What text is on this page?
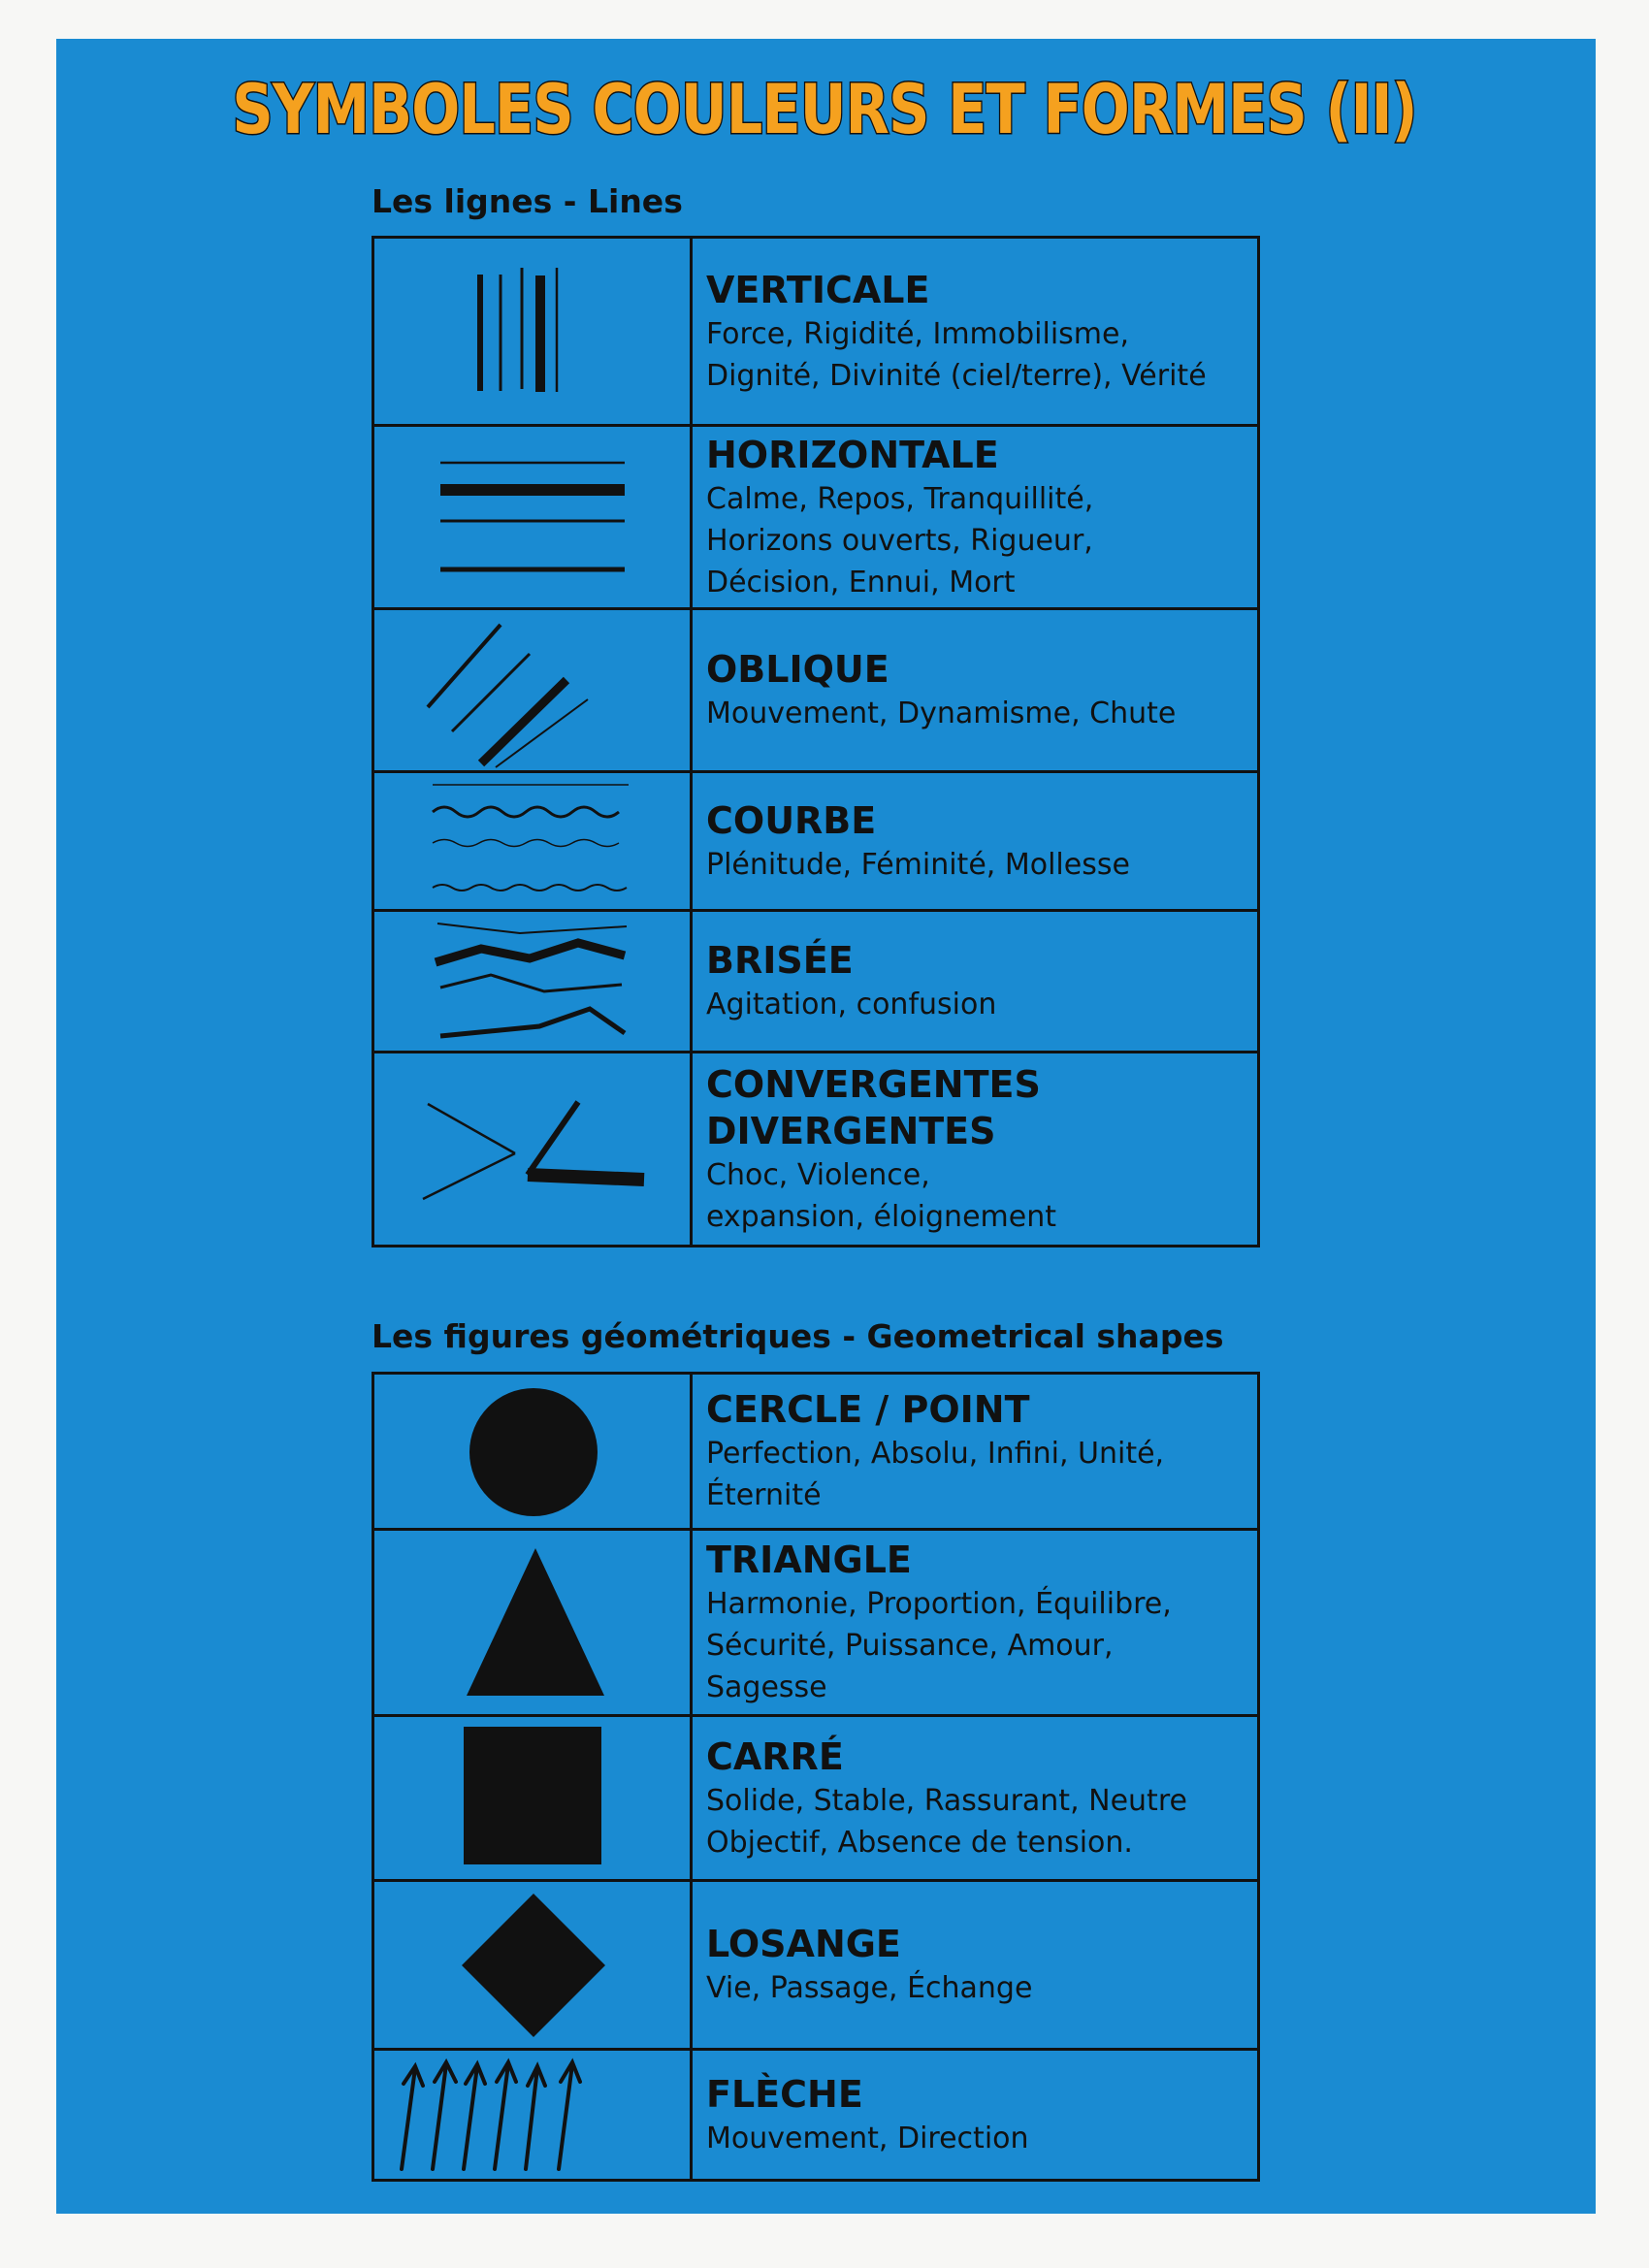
SYMBOLES COULEURS ET FORMES (II)
Les lignes - Lines
VERTICALE
Force, Rigidité, Immobilisme,
Dignité, Divinité (ciel/terre), Vérité
HORIZONTALE
Calme, Repos, Tranquillité,
Horizons ouverts, Rigueur,
Décision, Ennui, Mort
OBLIQUE
Mouvement, Dynamisme, Chute
COURBE
Plénitude, Féminité, Mollesse
BRISÉE
Agitation, confusion
CONVERGENTES
DIVERGENTES
Choc, Violence,
expansion, éloignement
Les figures géométriques - Geometrical shapes
CERCLE / POINT
Perfection, Absolu, Infini, Unité,
Éternité
TRIANGLE
Harmonie, Proportion, Équilibre,
Sécurité, Puissance, Amour,
Sagesse
CARRÉ
Solide, Stable, Rassurant, Neutre
Objectif, Absence de tension.
LOSANGE
Vie, Passage, Échange
FLÈCHE
Mouvement, Direction
